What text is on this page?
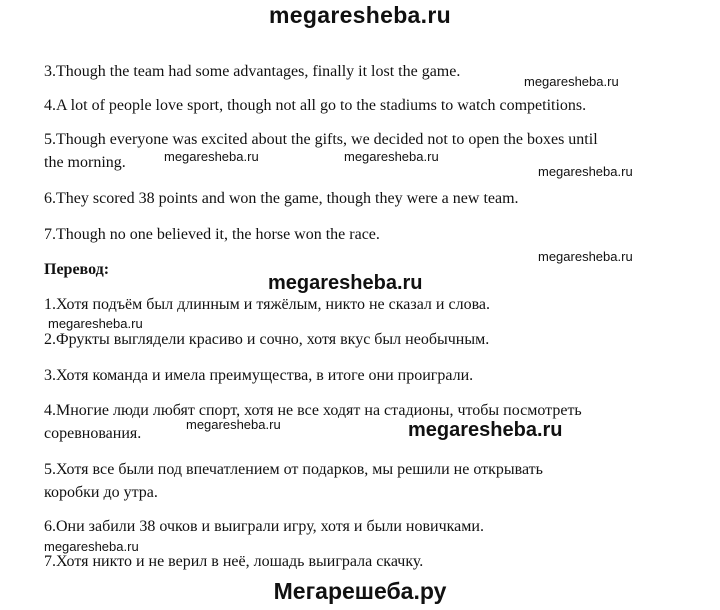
megaresheba.ru
3.Though the team had some advantages, finally it lost the game.
4.A lot of people love sport, though not all go to the stadiums to watch competitions.
5.Though everyone was excited about the gifts, we decided not to open the boxes until
the morning.
6.They scored 38 points and won the game, though they were a new team.
7.Though no one believed it, the horse won the race.
Перевод:
1.Хотя подъём был длинным и тяжёлым, никто не сказал и слова.
2.Фрукты выглядели красиво и сочно, хотя вкус был необычным.
3.Хотя команда и имела преимущества, в итоге они проиграли.
4.Многие люди любят спорт, хотя не все ходят на стадионы, чтобы посмотреть
соревнования.
5.Хотя все были под впечатлением от подарков, мы решили не открывать
коробки до утра.
6.Они забили 38 очков и выиграли игру, хотя и были новичками.
7.Хотя никто и не верил в неё, лошадь выиграла скачку.
megaresheba.ru
megaresheba.ru	megaresheba.ru
megaresheba.ru
megaresheba.ru
megaresheba.ru
megaresheba.ru
megaresheba.ru	megaresheba.ru
megaresheba.ru
Мегарешеба.ру
